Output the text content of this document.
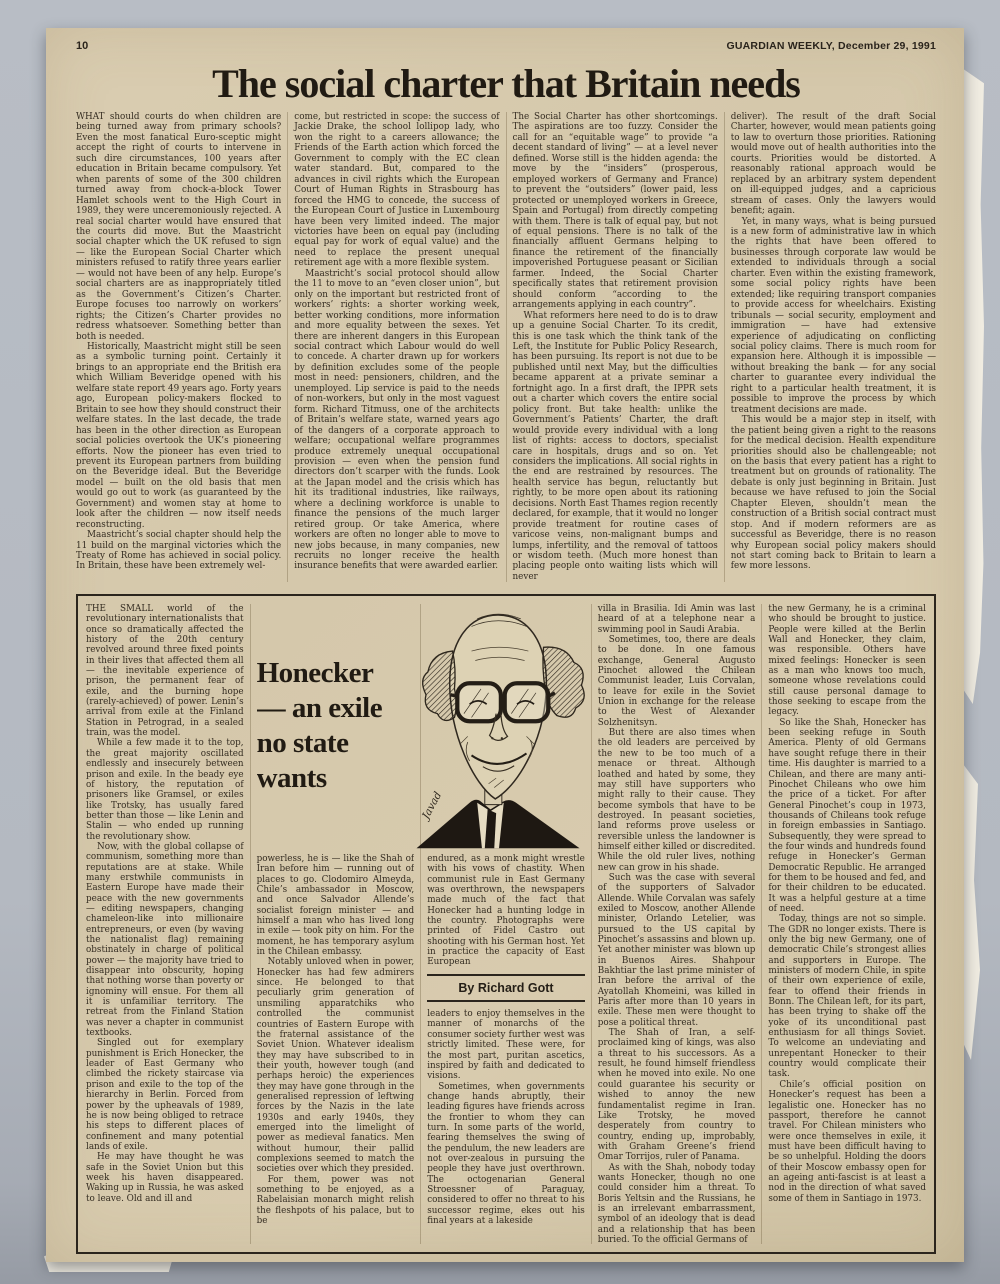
10	GUARDIAN WEEKLY, December 29, 1991
The social charter that Britain needs

WHAT should courts do when children are being turned away from primary schools? Even the most fanatical Euro-sceptic might accept the right of courts to intervene in such dire circumstances, 100 years after education in Britain became compulsory. Yet when parents of some of the 300 children turned away from chock-a-block Tower Hamlet schools went to the High Court in 1989, they were unceremoniously rejected. A real social charter would have ensured that the courts did move. But the Maastricht social chapter which the UK refused to sign — like the European Social Charter which ministers refused to ratify three years earlier — would not have been of any help. Europe’s social charters are as inappropriately titled as the Government’s Citizen’s Charter. Europe focuses too narrowly on workers’ rights; the Citizen’s Charter provides no redress whatsoever. Something better than both is needed.

Historically, Maastricht might still be seen as a symbolic turning point. Certainly it brings to an appropriate end the British era which William Beveridge opened with his welfare state report 49 years ago. Forty years ago, European policy-makers flocked to Britain to see how they should construct their welfare states. In the last decade, the trade has been in the other direction as European social policies overtook the UK’s pioneering efforts. Now the pioneer has even tried to prevent its European partners from building on the Beveridge ideal. But the Beveridge model — built on the old basis that men would go out to work (as guaranteed by the Government) and women stay at home to look after the children — now itself needs reconstructing.

Maastricht’s social chapter should help the 11 build on the marginal victories which the Treaty of Rome has achieved in social policy. In Britain, these have been extremely wel-

come, but restricted in scope: the success of Jackie Drake, the school lollipop lady, who won the right to a careers allowance; the Friends of the Earth action which forced the Government to comply with the EC clean water standard. But, compared to the advances in civil rights which the European Court of Human Rights in Strasbourg has forced the HMG to concede, the success of the European Court of Justice in Luxembourg have been very limited indeed. The major victories have been on equal pay (including equal pay for work of equal value) and the need to replace the present unequal retirement age with a more flexible system.

Maastricht’s social protocol should allow the 11 to move to an “even closer union”, but only on the important but restricted front of workers’ rights: a shorter working week, better working conditions, more information and more equality between the sexes. Yet there are inherent dangers in this European social contract which Labour would do well to concede. A charter drawn up for workers by definition excludes some of the people most in need: pensioners, children, and the unemployed. Lip service is paid to the needs of non-workers, but only in the most vaguest form. Richard Titmuss, one of the architects of Britain’s welfare state, warned years ago of the dangers of a corporate approach to welfare; occupational welfare programmes produce extremely unequal occupational provision — even when the pension fund directors don’t scarper with the funds. Look at the Japan model and the crisis which has hit its traditional industries, like railways, where a declining workforce is unable to finance the pensions of the much larger retired group. Or take America, where workers are often no longer able to move to new jobs because, in many companies, new recruits no longer receive the health insurance benefits that were awarded earlier.

The Social Charter has other shortcomings. The aspirations are too fuzzy. Consider the call for an “equitable wage” to provide “a decent standard of living” — at a level never defined. Worse still is the hidden agenda: the move by the “insiders” (prosperous, employed workers of Germany and France) to prevent the “outsiders” (lower paid, less protected or unemployed workers in Greece, Spain and Portugal) from directly competing with them. There is talk of equal pay, but not of equal pensions. There is no talk of the financially affluent Germans helping to finance the retirement of the financially impoverished Portuguese peasant or Sicilian farmer. Indeed, the Social Charter specifically states that retirement provision should conform “according to the arrangements applying in each country”.

What reformers here need to do is to draw up a genuine Social Charter. To its credit, this is one task which the think tank of the Left, the Institute for Public Policy Research, has been pursuing. Its report is not due to be published until next May, but the difficulties became apparent at a private seminar a fortnight ago. In a first draft, the IPPR sets out a charter which covers the entire social policy front. But take health: unlike the Government’s Patients’ Charter, the draft would provide every individual with a long list of rights: access to doctors, specialist care in hospitals, drugs and so on. Yet considers the implications. All social rights in the end are restrained by resources. The health service has begun, reluctantly but rightly, to be more open about its rationing decisions. North East Thames region recently declared, for example, that it would no longer provide treatment for routine cases of varicose veins, non-malignant bumps and lumps, infertility, and the removal of tattoos or wisdom teeth. (Much more honest than placing people onto waiting lists which will never

deliver). The result of the draft Social Charter, however, would mean patients going to law to overturn those priorities. Rationing would move out of health authorities into the courts. Priorities would be distorted. A reasonably rational approach would be replaced by an arbitrary system dependent on ill-equipped judges, and a capricious stream of cases. Only the lawyers would benefit; again.

Yet, in many ways, what is being pursued is a new form of administrative law in which the rights that have been offered to businesses through corporate law would be extended to individuals through a social charter. Even within the existing framework, some social policy rights have been extended; like requiring transport companies to provide access for wheelchairs. Existing tribunals — social security, employment and immigration — have had extensive experience of adjudicating on conflicting social policy claims. There is much room for expansion here. Although it is impossible — without breaking the bank — for any social charter to guarantee every individual the right to a particular health treatment, it is possible to improve the process by which treatment decisions are made.

This would be a major step in itself, with the patient being given a right to the reasons for the medical decision. Health expenditure priorities should also be challengeable; not on the basis that every patient has a right to treatment but on grounds of rationality. The debate is only just beginning in Britain. Just because we have refused to join the Social Chapter Eleven, shouldn’t mean the construction of a British social contract must stop. And if modern reformers are as successful as Beveridge, there is no reason why European social policy makers should not start coming back to Britain to learn a few more lessons.

Javad

THE SMALL world of the revolutionary internationalists that once so dramatically affected the history of the 20th century revolved around three fixed points in their lives that affected them all — the inevitable experience of prison, the permanent fear of exile, and the burning hope (rarely-achieved) of power. Lenin’s arrival from exile at the Finland Station in Petrograd, in a sealed train, was the model.

While a few made it to the top, the great majority oscillated endlessly and insecurely between prison and exile. In the beady eye of history, the reputation of prisoners like Gramsel, or exiles like Trotsky, has usually fared better than those — like Lenin and Stalin — who ended up running the revolutionary show.

Now, with the global collapse of communism, something more than reputations are at stake. While many erstwhile communists in Eastern Europe have made their peace with the new governments — editing newspapers, changing chameleon-like into millionaire entrepreneurs, or even (by waving the nationalist flag) remaining obstinately in charge of political power — the majority have tried to disappear into obscurity, hoping that nothing worse than poverty or ignominy will ensue. For them all it is unfamiliar territory. The retreat from the Finland Station was never a chapter in communist textbooks.

Singled out for exemplary punishment is Erich Honecker, the leader of East Germany who climbed the rickety staircase via prison and exile to the top of the hierarchy in Berlin. Forced from power by the upheavals of 1989, he is now being obliged to retrace his steps to different places of confinement and many potential lands of exile.

He may have thought he was safe in the Soviet Union but this week his haven disappeared. Waking up in Russia, he was asked to leave. Old and ill and

Honecker
— an exile
no state
wants

powerless, he is — like the Shah of Iran before him — running out of places to go. Clodomiro Almeyda, Chile’s ambassador in Moscow, and once Salvador Allende’s socialist foreign minister — and himself a man who has lived long in exile — took pity on him. For the moment, he has temporary asylum in the Chilean embassy.

Notably unloved when in power, Honecker has had few admirers since. He belonged to that peculiarly grim generation of unsmiling apparatchiks who controlled the communist countries of Eastern Europe with the fraternal assistance of the Soviet Union. Whatever idealism they may have subscribed to in their youth, however tough (and perhaps heroic) the experiences they may have gone through in the generalised repression of leftwing forces by the Nazis in the late 1930s and early 1940s, they emerged into the limelight of power as medieval fanatics. Men without humour, their pallid complexions seemed to match the societies over which they presided.

For them, power was not something to be enjoyed, as a Rabelaisian monarch might relish the fleshpots of his palace, but to be

endured, as a monk might wrestle with his vows of chastity. When communist rule in East Germany was overthrown, the newspapers made much of the fact that Honecker had a hunting lodge in the country. Photographs were printed of Fidel Castro out shooting with his German host. Yet in practice the capacity of East European

By Richard Gott

leaders to enjoy themselves in the manner of monarchs of the consumer society further west was strictly limited. These were, for the most part, puritan ascetics, inspired by faith and dedicated to visions.

Sometimes, when governments change hands abruptly, their leading figures have friends across the frontier to whom they can turn. In some parts of the world, fearing themselves the swing of the pendulum, the new leaders are not over-zealous in pursuing the people they have just overthrown. The octogenarian General Stroessner of Paraguay, considered to offer no threat to his successor regime, ekes out his final years at a lakeside

villa in Brasilia. Idi Amin was last heard of at a telephone near a swimming pool in Saudi Arabia.

Sometimes, too, there are deals to be done. In one famous exchange, General Augusto Pinochet allowed the Chilean Communist leader, Luis Corvalan, to leave for exile in the Soviet Union in exchange for the release to the West of Alexander Solzhenitsyn.

But there are also times when the old leaders are perceived by the new to be too much of a menace or threat. Although loathed and hated by some, they may still have supporters who might rally to their cause. They become symbols that have to be destroyed. In peasant societies, land reforms prove useless or reversible unless the landowner is himself either killed or discredited. While the old ruler lives, nothing new can grow in his shade.

Such was the case with several of the supporters of Salvador Allende. While Corvalan was safely exiled to Moscow, another Allende minister, Orlando Letelier, was pursued to the US capital by Pinochet’s assassins and blown up. Yet another minister was blown up in Buenos Aires. Shahpour Bakhtiar the last prime minister of Iran before the arrival of the Ayatollah Khomeini, was killed in Paris after more than 10 years in exile. These men were thought to pose a political threat.

The Shah of Iran, a self-proclaimed king of kings, was also a threat to his successors. As a result, he found himself friendless when he moved into exile. No one could guarantee his security or wished to annoy the new fundamentalist regime in Iran. Like Trotsky, he moved desperately from country to country, ending up, improbably, with Graham Greene’s friend Omar Torrijos, ruler of Panama.

As with the Shah, nobody today wants Honecker, though no one could consider him a threat. To Boris Yeltsin and the Russians, he is an irrelevant embarrassment, symbol of an ideology that is dead and a relationship that has been buried. To the official Germans of

the new Germany, he is a criminal who should be brought to justice. People were killed at the Berlin Wall and Honecker, they claim, was responsible. Others have mixed feelings: Honecker is seen as a man who knows too much, someone whose revelations could still cause personal damage to those seeking to escape from the legacy.

So like the Shah, Honecker has been seeking refuge in South America. Plenty of old Germans have sought refuge there in their time. His daughter is married to a Chilean, and there are many anti-Pinochet Chileans who owe him the price of a ticket. For after General Pinochet’s coup in 1973, thousands of Chileans took refuge in foreign embassies in Santiago. Subsequently, they were spread to the four winds and hundreds found refuge in Honecker’s German Democratic Republic. He arranged for them to be housed and fed, and for their children to be educated. It was a helpful gesture at a time of need.

Today, things are not so simple. The GDR no longer exists. There is only the big new Germany, one of democratic Chile’s strongest allies and supporters in Europe. The ministers of modern Chile, in spite of their own experience of exile, fear to offend their friends in Bonn. The Chilean left, for its part, has been trying to shake off the yoke of its unconditional past enthusiasm for all things Soviet. To welcome an undeviating and unrepentant Honecker to their country would complicate their task.

Chile’s official position on Honecker’s request has been a legalistic one. Honecker has no passport, therefore he cannot travel. For Chilean ministers who were once themselves in exile, it must have been difficult having to be so unhelpful. Holding the doors of their Moscow embassy open for an ageing anti-fascist is at least a nod in the direction of what saved some of them in Santiago in 1973.
